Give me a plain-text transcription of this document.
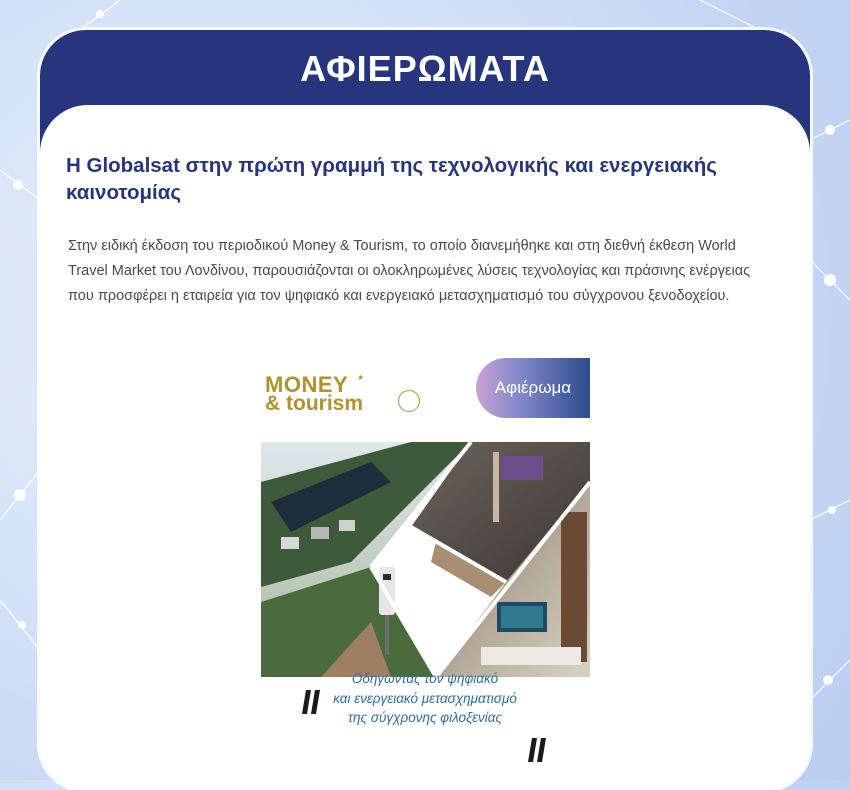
ΑΦΙΕΡΩΜΑΤΑ
Η Globalsat στην πρώτη γραμμή της τεχνολογικής και ενεργειακής καινοτομίας
Στην ειδική έκδοση του περιοδικού Money & Tourism, το οποίο διανεμήθηκε και στη διεθνή έκθεση World Travel Market του Λονδίνου, παρουσιάζονται οι ολοκληρωμένες λύσεις τεχνολογίας και πράσινης ενέργειας που προσφέρει η εταιρεία για τον ψηφιακό και ενεργειακό μετασχηματισμό του σύγχρονου ξενοδοχείου.
MONEY
& tourism
★
Αφιέρωμα
Οδηγώντας τον ψηφιακό
και ενεργειακό μετασχηματισμό
της σύγχρονης φιλοξενίας
